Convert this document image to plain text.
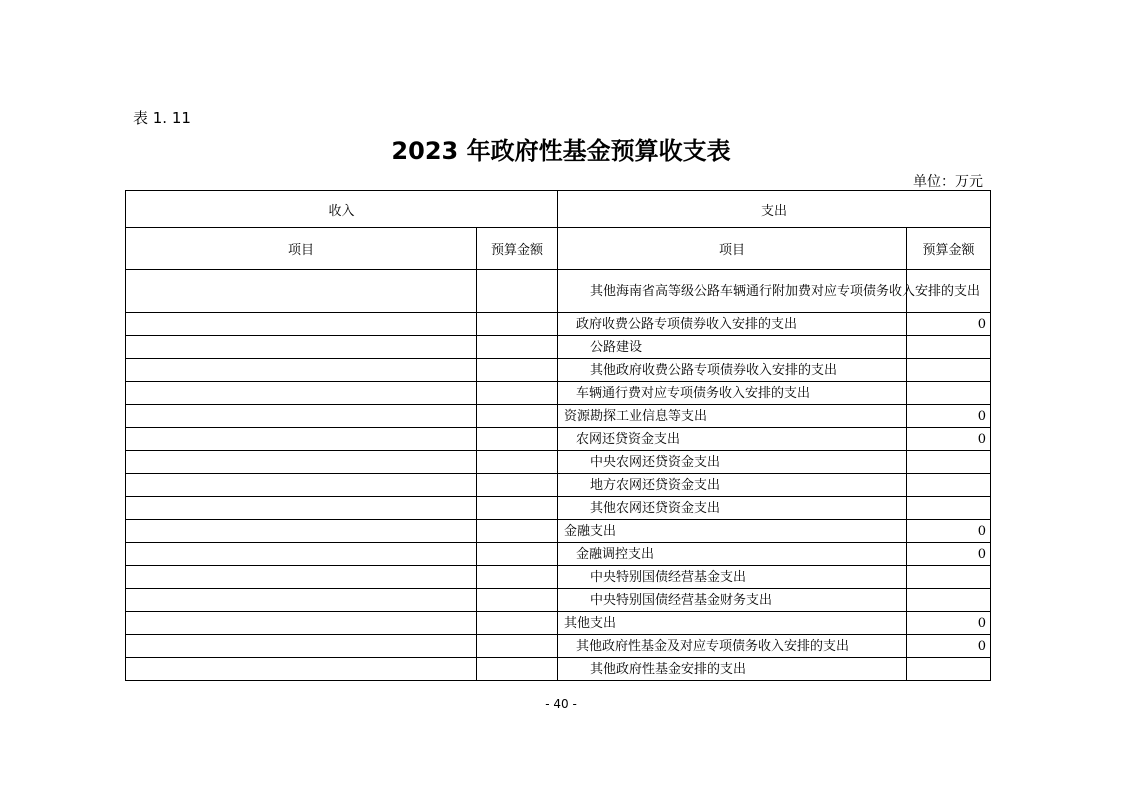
表 1. 11
2023 年政府性基金预算收支表
单位：万元
收入		支出	
项目	预算金额	项目	预算金额
		其他海南省高等级公路车辆通行附加费对应专项债务收入安排的支出	
		政府收费公路专项债券收入安排的支出	0
		公路建设	
		其他政府收费公路专项债券收入安排的支出	
		车辆通行费对应专项债务收入安排的支出	
		资源勘探工业信息等支出	0
		农网还贷资金支出	0
		中央农网还贷资金支出	
		地方农网还贷资金支出	
		其他农网还贷资金支出	
		金融支出	0
		金融调控支出	0
		中央特别国债经营基金支出	
		中央特别国债经营基金财务支出	
		其他支出	0
		其他政府性基金及对应专项债务收入安排的支出	0
		其他政府性基金安排的支出	
- 40 -
